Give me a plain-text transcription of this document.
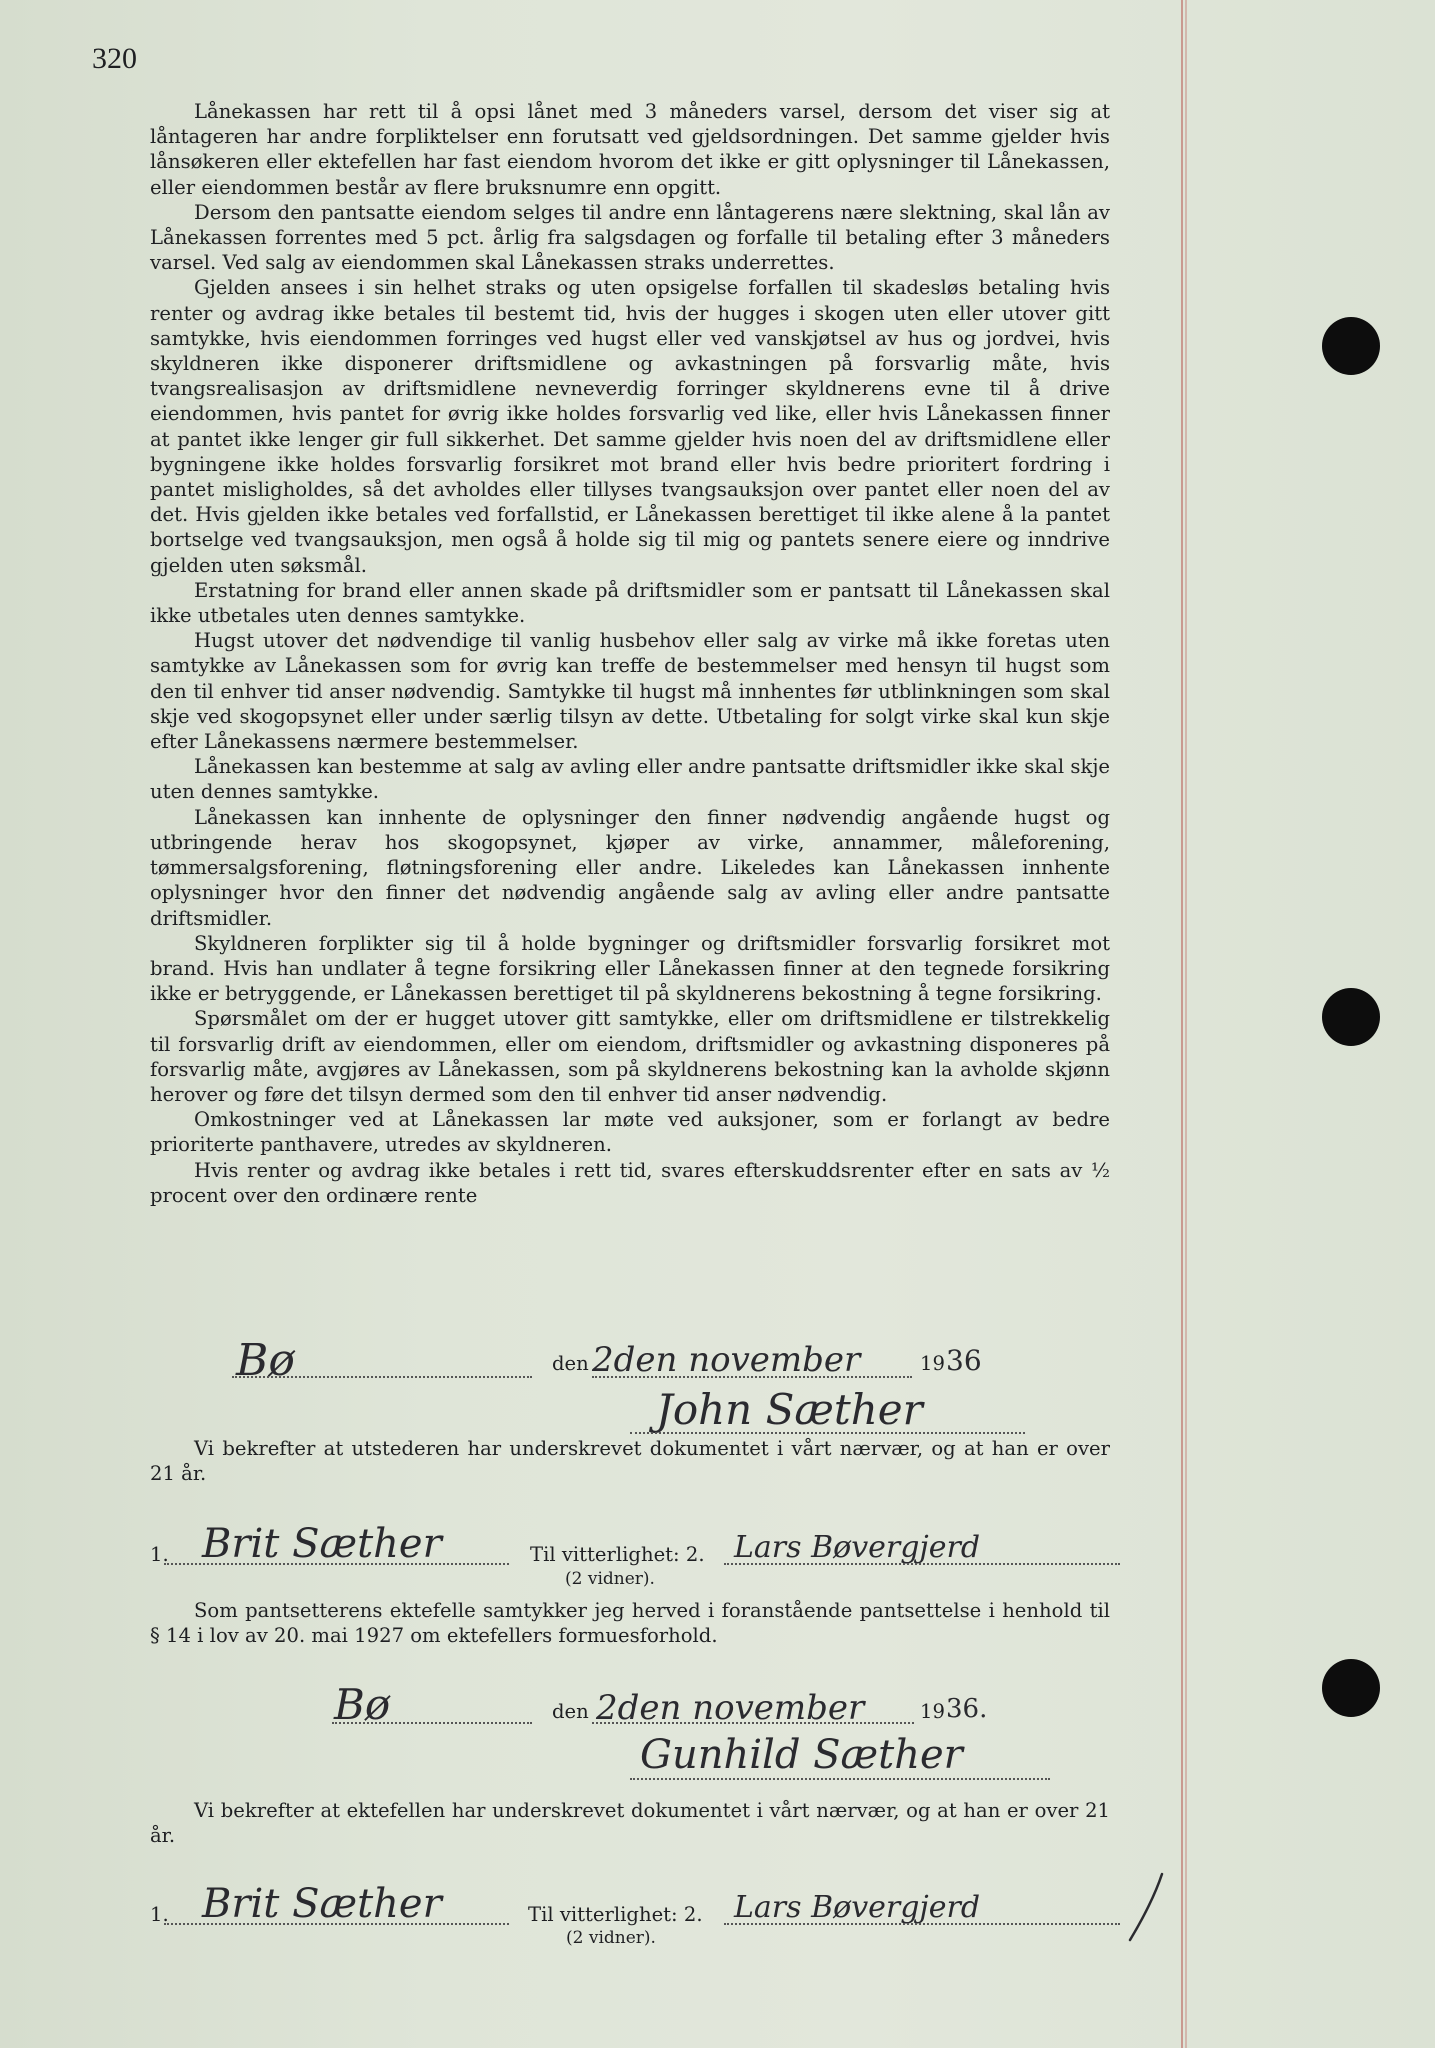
320

Lånekassen har rett til å opsi lånet med 3 måneders varsel, dersom det viser sig at låntageren har andre forpliktelser enn forutsatt ved gjeldsordningen. Det samme gjelder hvis lånsøkeren eller ektefellen har fast eiendom hvorom det ikke er gitt oplysninger til Lånekassen, eller eiendommen består av flere bruksnumre enn opgitt.

Dersom den pantsatte eiendom selges til andre enn låntagerens nære slektning, skal lån av Lånekassen forrentes med 5 pct. årlig fra salgsdagen og forfalle til betaling efter 3 måneders varsel. Ved salg av eiendommen skal Lånekassen straks underrettes.

Gjelden ansees i sin helhet straks og uten opsigelse forfallen til skadesløs betaling hvis renter og avdrag ikke betales til bestemt tid, hvis der hugges i skogen uten eller utover gitt samtykke, hvis eiendommen forringes ved hugst eller ved vanskjøtsel av hus og jordvei, hvis skyldneren ikke disponerer driftsmidlene og avkastningen på forsvarlig måte, hvis tvangsrealisasjon av driftsmidlene nevneverdig forringer skyldnerens evne til å drive eiendommen, hvis pantet for øvrig ikke holdes forsvarlig ved like, eller hvis Lånekassen finner at pantet ikke lenger gir full sikkerhet. Det samme gjelder hvis noen del av driftsmidlene eller bygningene ikke holdes forsvarlig forsikret mot brand eller hvis bedre prioritert fordring i pantet misligholdes, så det avholdes eller tillyses tvangsauksjon over pantet eller noen del av det. Hvis gjelden ikke betales ved forfallstid, er Lånekassen berettiget til ikke alene å la pantet bortselge ved tvangsauksjon, men også å holde sig til mig og pantets senere eiere og inndrive gjelden uten søksmål.

Erstatning for brand eller annen skade på driftsmidler som er pantsatt til Lånekassen skal ikke utbetales uten dennes samtykke.

Hugst utover det nødvendige til vanlig husbehov eller salg av virke må ikke foretas uten samtykke av Lånekassen som for øvrig kan treffe de bestemmelser med hensyn til hugst som den til enhver tid anser nødvendig. Samtykke til hugst må innhentes før utblinkningen som skal skje ved skogopsynet eller under særlig tilsyn av dette. Utbetaling for solgt virke skal kun skje efter Lånekassens nærmere bestemmelser.

Lånekassen kan bestemme at salg av avling eller andre pantsatte driftsmidler ikke skal skje uten dennes samtykke.

Lånekassen kan innhente de oplysninger den finner nødvendig angående hugst og utbringende herav hos skogopsynet, kjøper av virke, annammer, måleforening, tømmersalgsforening, fløtningsforening eller andre. Likeledes kan Lånekassen innhente oplysninger hvor den finner det nødvendig angående salg av avling eller andre pantsatte driftsmidler.

Skyldneren forplikter sig til å holde bygninger og driftsmidler forsvarlig forsikret mot brand. Hvis han undlater å tegne forsikring eller Lånekassen finner at den tegnede forsikring ikke er betryggende, er Lånekassen berettiget til på skyldnerens bekostning å tegne forsikring.

Spørsmålet om der er hugget utover gitt samtykke, eller om driftsmidlene er tilstrekkelig til forsvarlig drift av eiendommen, eller om eiendom, driftsmidler og avkastning disponeres på forsvarlig måte, avgjøres av Lånekassen, som på skyldnerens bekostning kan la avholde skjønn herover og føre det tilsyn dermed som den til enhver tid anser nødvendig.

Omkostninger ved at Lånekassen lar møte ved auksjoner, som er forlangt av bedre prioriterte panthavere, utredes av skyldneren.

Hvis renter og avdrag ikke betales i rett tid, svares efterskuddsrenter efter en sats av ½ procent over den ordinære rente

Bø	den 2den november	19 36
John Sæther
Vi bekrefter at utstederen har underskrevet dokumentet i vårt nærvær, og at han er over 21 år.
1. Brit Sæther	Til vitterlighet: 2. Lars Bøvergjerd
(2 vidner).
Som pantsetterens ektefelle samtykker jeg herved i foranstående pantsettelse i henhold til § 14 i lov av 20. mai 1927 om ektefellers formuesforhold.
Bø	den 2den november	19 36.
Gunhild Sæther
Vi bekrefter at ektefellen har underskrevet dokumentet i vårt nærvær, og at han er over 21 år.
1. Brit Sæther	Til vitterlighet: 2. Lars Bøvergjerd
(2 vidner).
